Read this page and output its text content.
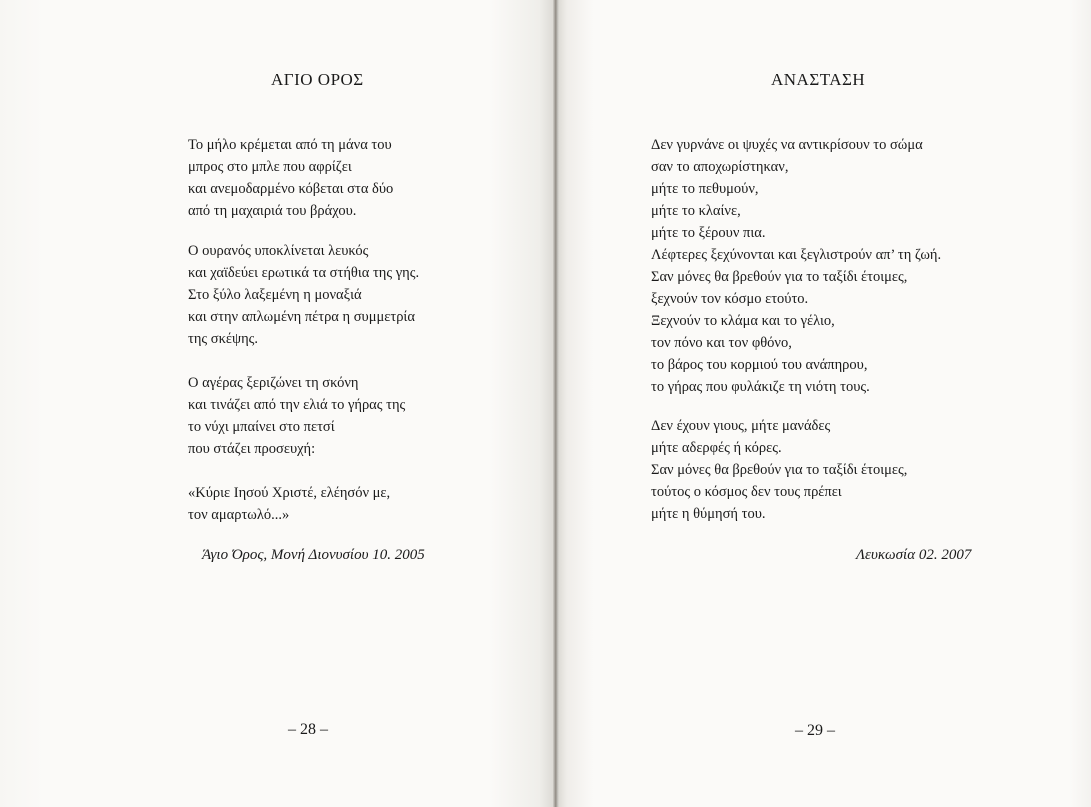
ΑΓΙΟ ΟΡΟΣ
Το μήλο κρέμεται από τη μάνα του
μπρος στο μπλε που αφρίζει
και ανεμοδαρμένο κόβεται στα δύο
από τη μαχαιριά του βράχου.
Ο ουρανός υποκλίνεται λευκός
και χαϊδεύει ερωτικά τα στήθια της γης.
Στο ξύλο λαξεμένη η μοναξιά
και στην απλωμένη πέτρα η συμμετρία
της σκέψης.
Ο αγέρας ξεριζώνει τη σκόνη
και τινάζει από την ελιά το γήρας της
το νύχι μπαίνει στο πετσί
που στάζει προσευχή:
«Κύριε Ιησού Χριστέ, ελέησόν με,
τον αμαρτωλό...»
Άγιο Όρος, Μονή Διονυσίου 10. 2005
– 28 –
ΑΝΑΣΤΑΣΗ
Δεν γυρνάνε οι ψυχές να αντικρίσουν το σώμα
σαν το αποχωρίστηκαν,
μήτε το πεθυμούν,
μήτε το κλαίνε,
μήτε το ξέρουν πια.
Λέφτερες ξεχύνονται και ξεγλιστρούν απ’ τη ζωή.
Σαν μόνες θα βρεθούν για το ταξίδι έτοιμες,
ξεχνούν τον κόσμο ετούτο.
Ξεχνούν το κλάμα και το γέλιο,
τον πόνο και τον φθόνο,
το βάρος του κορμιού του ανάπηρου,
το γήρας που φυλάκιζε τη νιότη τους.
Δεν έχουν γιους, μήτε μανάδες
μήτε αδερφές ή κόρες.
Σαν μόνες θα βρεθούν για το ταξίδι έτοιμες,
τούτος ο κόσμος δεν τους πρέπει
μήτε η θύμησή του.
Λευκωσία 02. 2007
– 29 –
